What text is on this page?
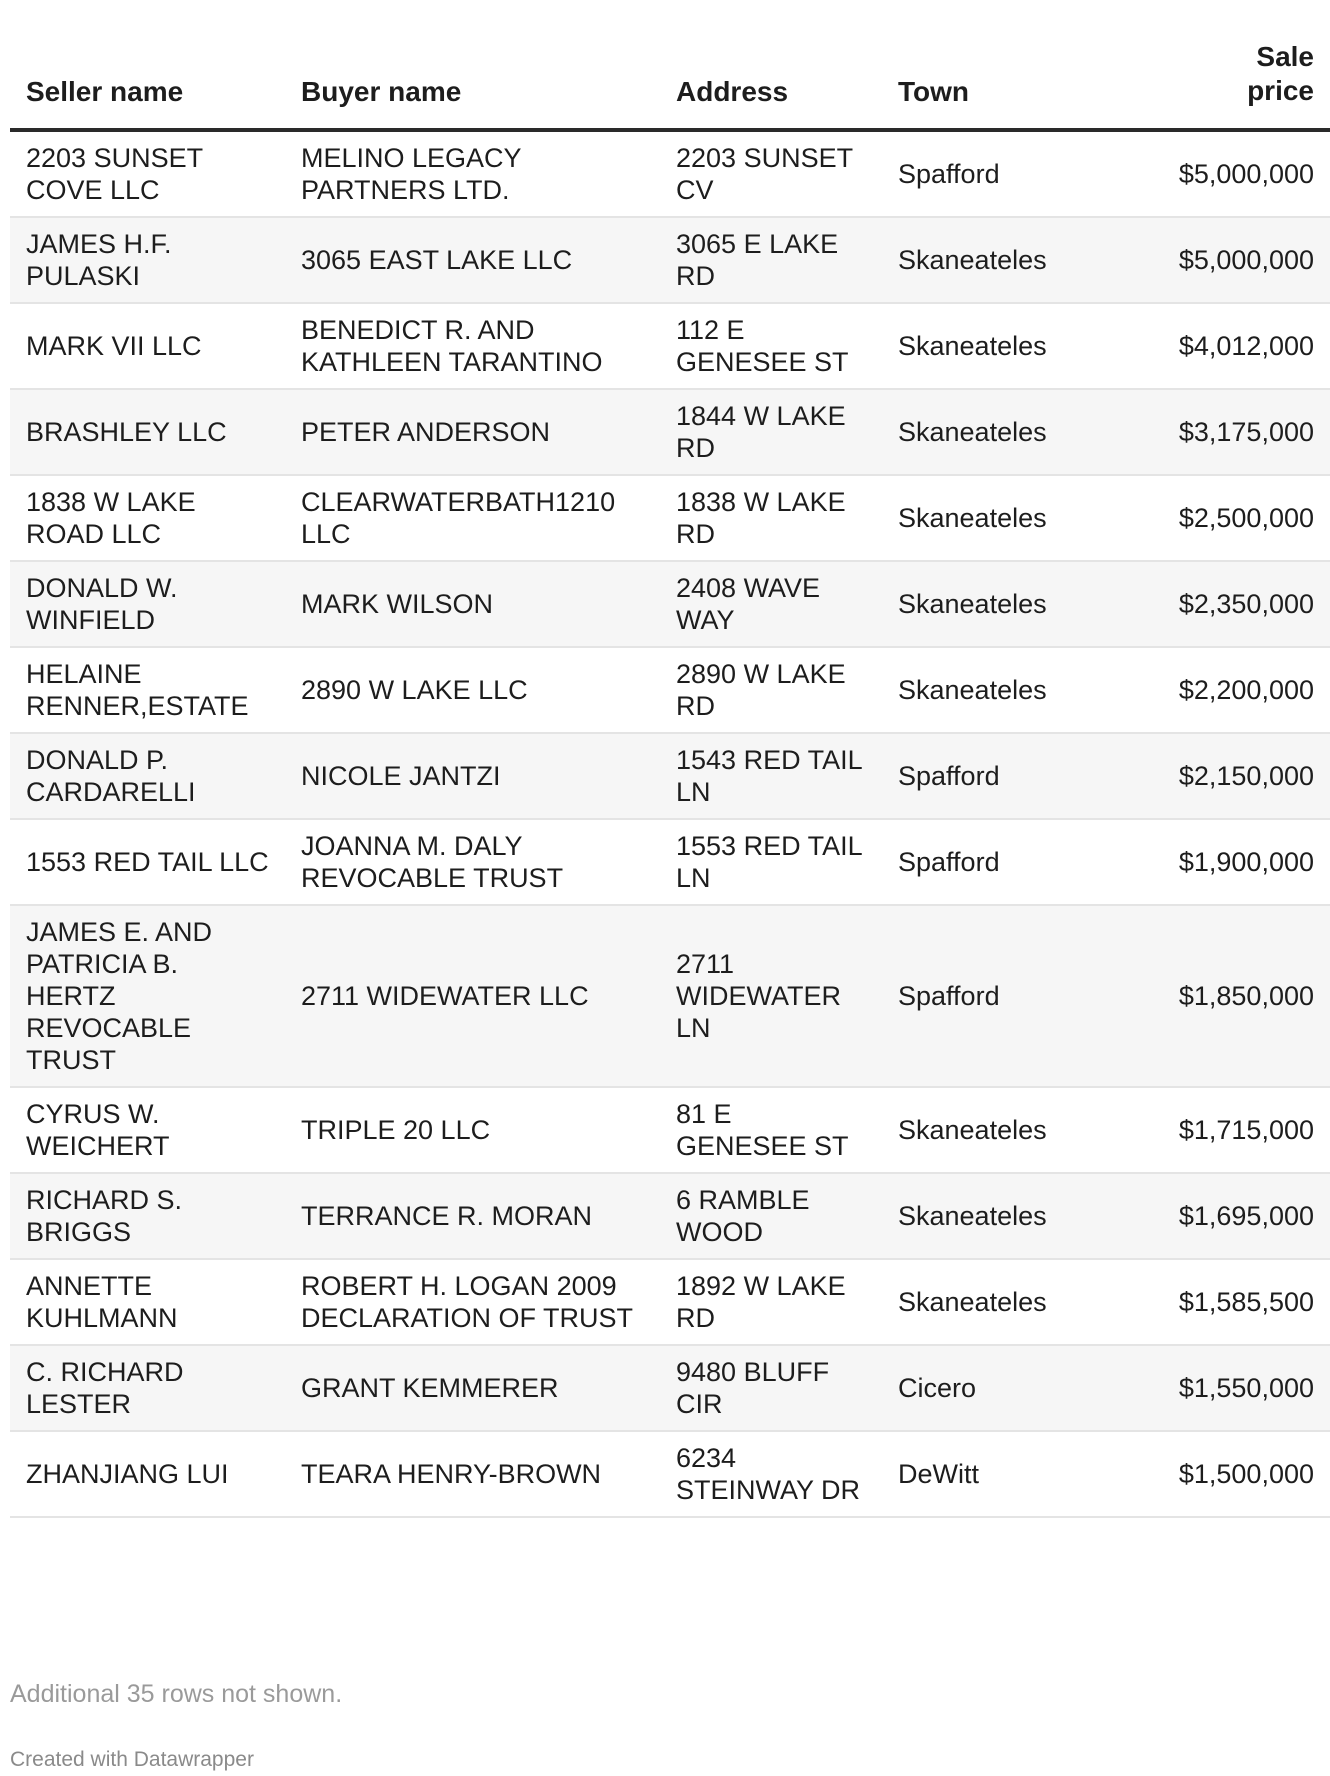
Seller name	Buyer name	Address	Town	Sale
price
2203 SUNSET COVE LLC	MELINO LEGACY PARTNERS LTD.	2203 SUNSET CV	Spafford	$5,000,000
JAMES H.F. PULASKI	3065 EAST LAKE LLC	3065 E LAKE RD	Skaneateles	$5,000,000
MARK VII LLC	BENEDICT R. AND KATHLEEN TARANTINO	112 E GENESEE ST	Skaneateles	$4,012,000
BRASHLEY LLC	PETER ANDERSON	1844 W LAKE RD	Skaneateles	$3,175,000
1838 W LAKE ROAD LLC	CLEARWATERBATH1210 LLC	1838 W LAKE RD	Skaneateles	$2,500,000
DONALD W. WINFIELD	MARK WILSON	2408 WAVE WAY	Skaneateles	$2,350,000
HELAINE RENNER,ESTATE	2890 W LAKE LLC	2890 W LAKE RD	Skaneateles	$2,200,000
DONALD P. CARDARELLI	NICOLE JANTZI	1543 RED TAIL LN	Spafford	$2,150,000
1553 RED TAIL LLC	JOANNA M. DALY REVOCABLE TRUST	1553 RED TAIL LN	Spafford	$1,900,000
JAMES E. AND PATRICIA B. HERTZ REVOCABLE TRUST	2711 WIDEWATER LLC	2711 WIDEWATER LN	Spafford	$1,850,000
CYRUS W. WEICHERT	TRIPLE 20 LLC	81 E GENESEE ST	Skaneateles	$1,715,000
RICHARD S. BRIGGS	TERRANCE R. MORAN	6 RAMBLE WOOD	Skaneateles	$1,695,000
ANNETTE KUHLMANN	ROBERT H. LOGAN 2009 DECLARATION OF TRUST	1892 W LAKE RD	Skaneateles	$1,585,500
C. RICHARD LESTER	GRANT KEMMERER	9480 BLUFF CIR	Cicero	$1,550,000
ZHANJIANG LUI	TEARA HENRY-BROWN	6234 STEINWAY DR	DeWitt	$1,500,000
Additional 35 rows not shown.
Created with Datawrapper
